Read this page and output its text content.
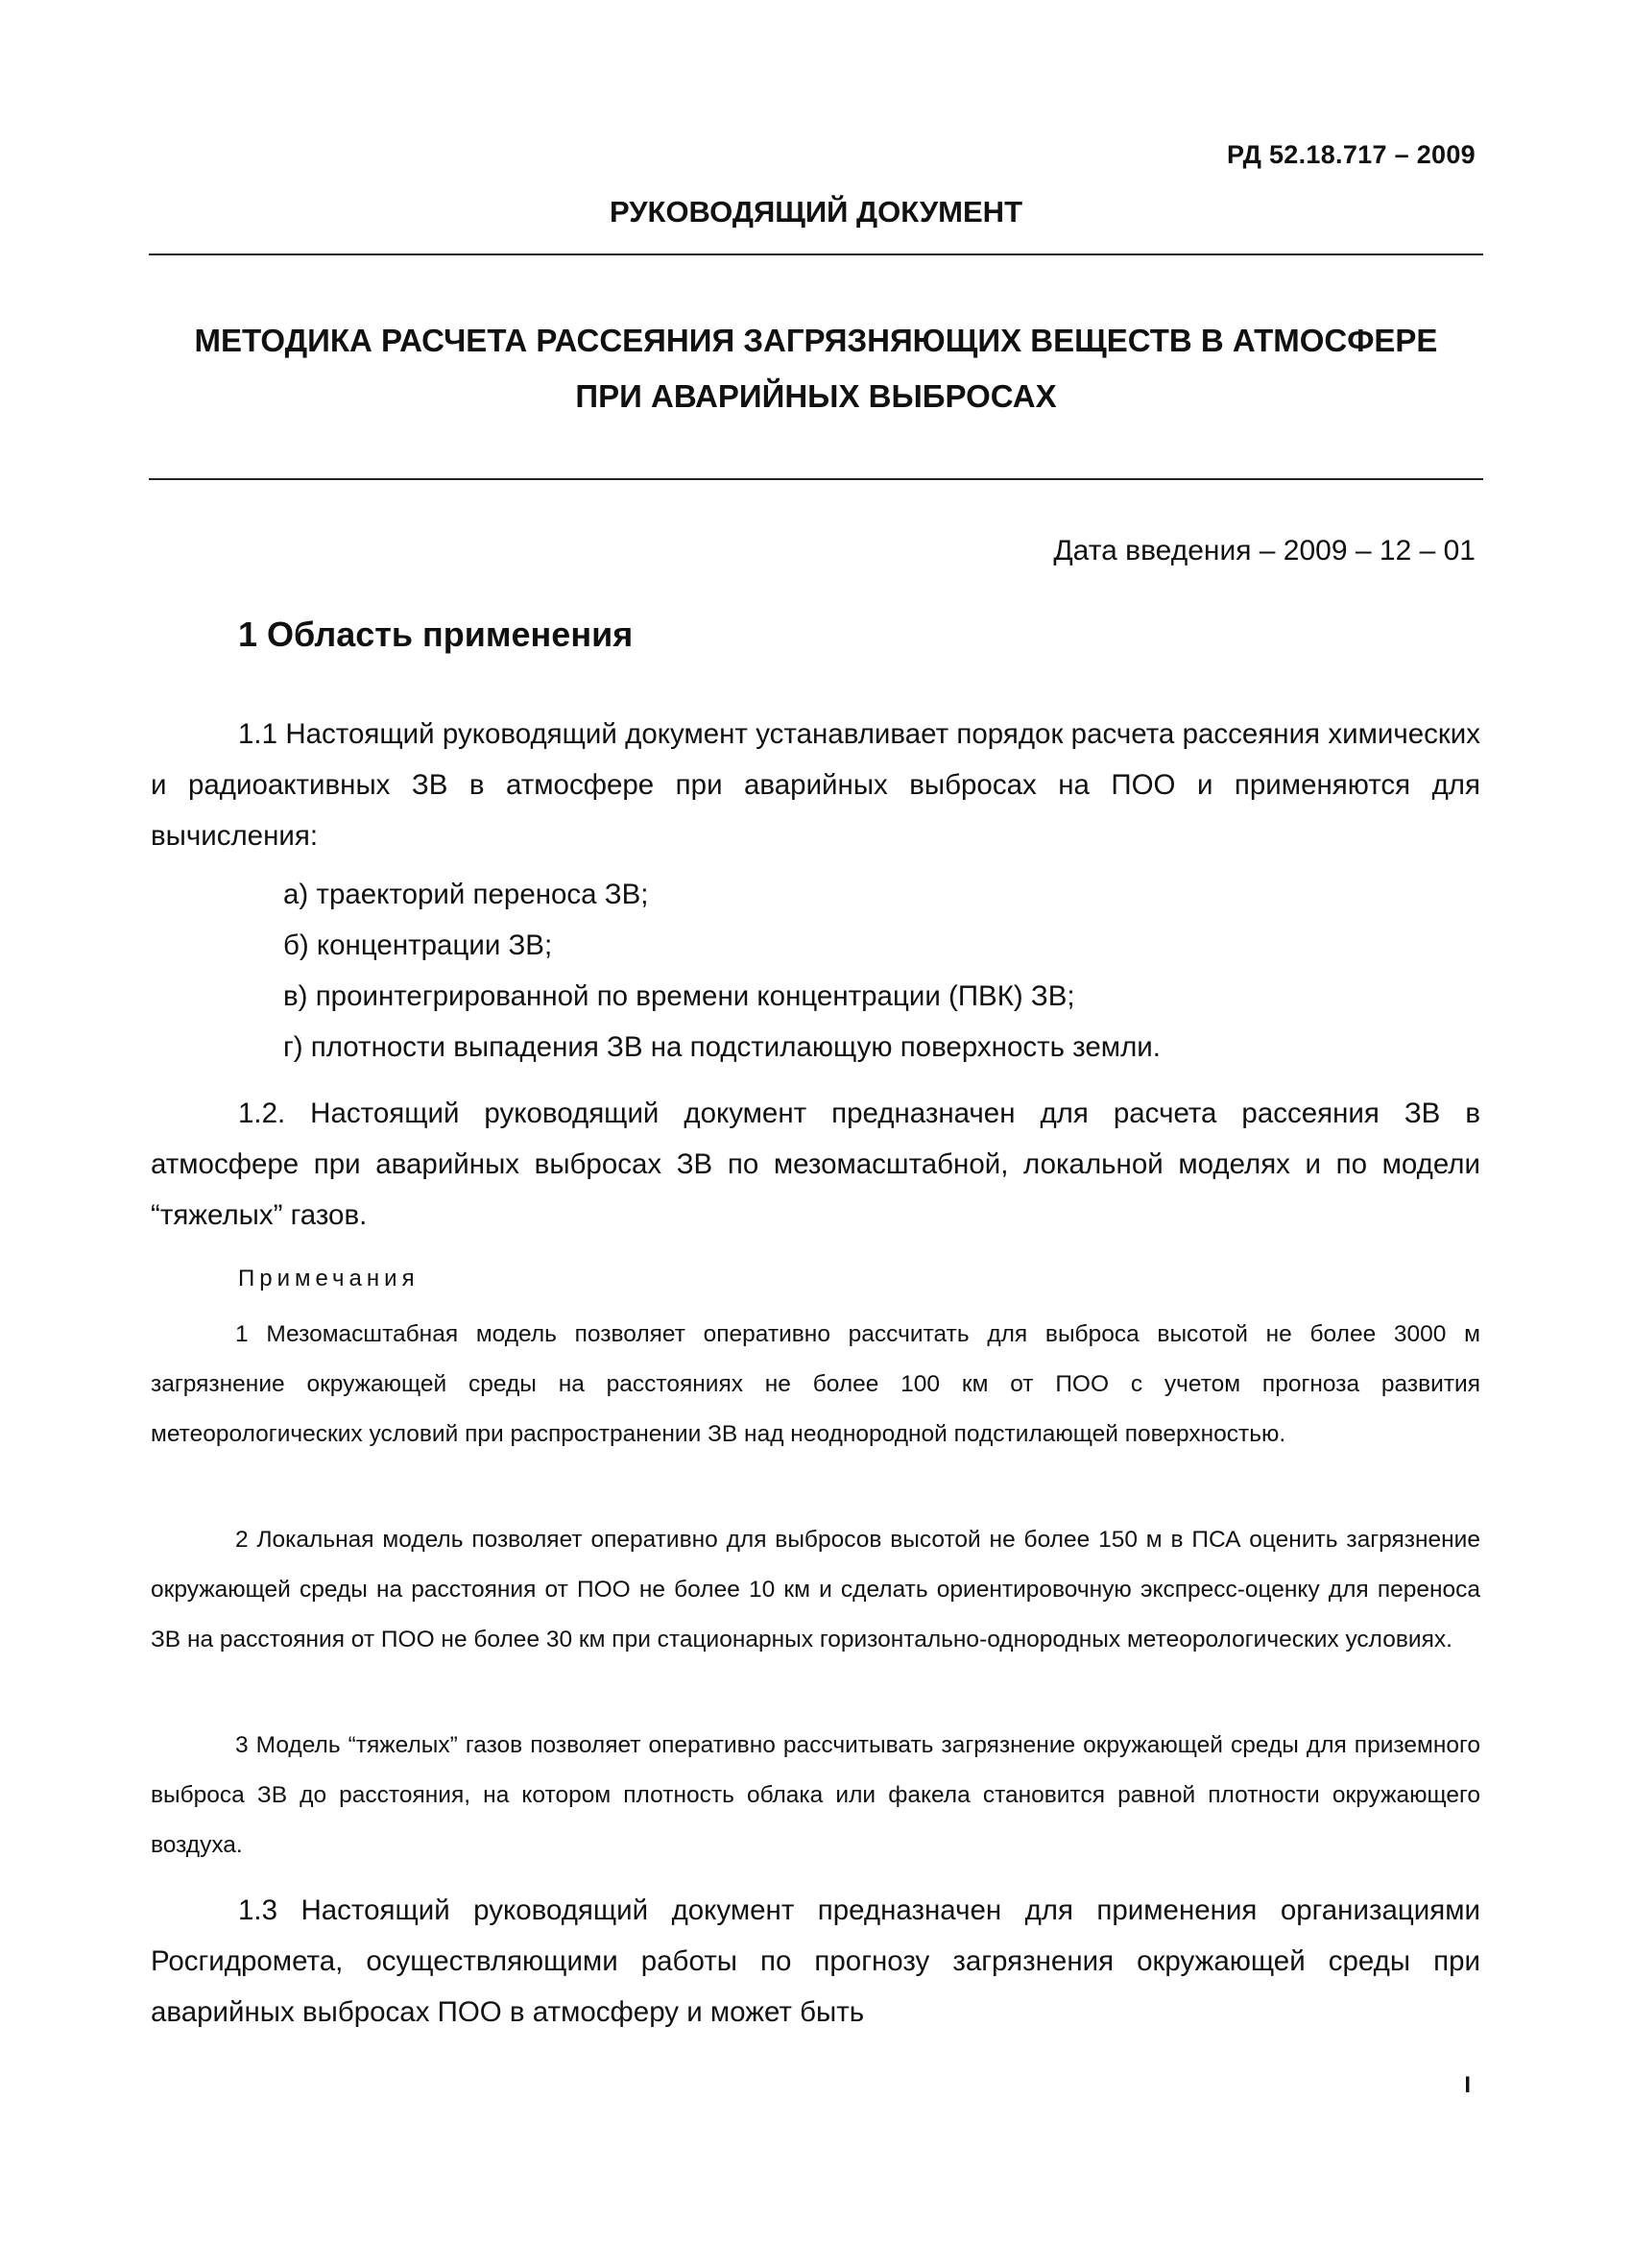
РД 52.18.717 – 2009
РУКОВОДЯЩИЙ ДОКУМЕНТ
МЕТОДИКА РАСЧЕТА РАССЕЯНИЯ ЗАГРЯЗНЯЮЩИХ ВЕЩЕСТВ В АТМОСФЕРЕ
ПРИ АВАРИЙНЫХ ВЫБРОСАХ
Дата введения – 2009 – 12 – 01
1 Область применения
1.1 Настоящий руководящий документ устанавливает порядок расчета рассеяния химических и радиоактивных ЗВ в атмосфере при аварийных выбросах на ПОО и применяются для вычисления:
а) траекторий переноса ЗВ;
б) концентрации ЗВ;
в) проинтегрированной по времени концентрации (ПВК) ЗВ;
г) плотности выпадения ЗВ на подстилающую поверхность земли.
1.2. Настоящий руководящий документ предназначен для расчета рассеяния ЗВ в атмосфере при аварийных выбросах ЗВ по мезомасштабной, локальной моделях и по модели “тяжелых” газов.
Примечания
1 Мезомасштабная модель позволяет оперативно рассчитать для выброса высотой не более 3000 м загрязнение окружающей среды на расстояниях не более 100 км от ПОО с учетом прогноза развития метеорологических условий при распространении ЗВ над неоднородной подстилающей поверхностью.
2 Локальная модель позволяет оперативно для выбросов высотой не более 150 м в ПСА оценить загрязнение окружающей среды на расстояния от ПОО не более 10 км и сделать ориентировочную экспресс-оценку для переноса ЗВ на расстояния от ПОО не более 30 км при стационарных горизонтально-однородных метеорологических условиях.
3 Модель “тяжелых” газов позволяет оперативно рассчитывать загрязнение окружающей среды для приземного выброса ЗВ до расстояния, на котором плотность облака или факела становится равной плотности окружающего воздуха.
1.3 Настоящий руководящий документ предназначен для применения организациями Росгидромета, осуществляющими работы по прогнозу загрязнения окружающей среды при аварийных выбросах ПОО в атмосферу и может быть
I
